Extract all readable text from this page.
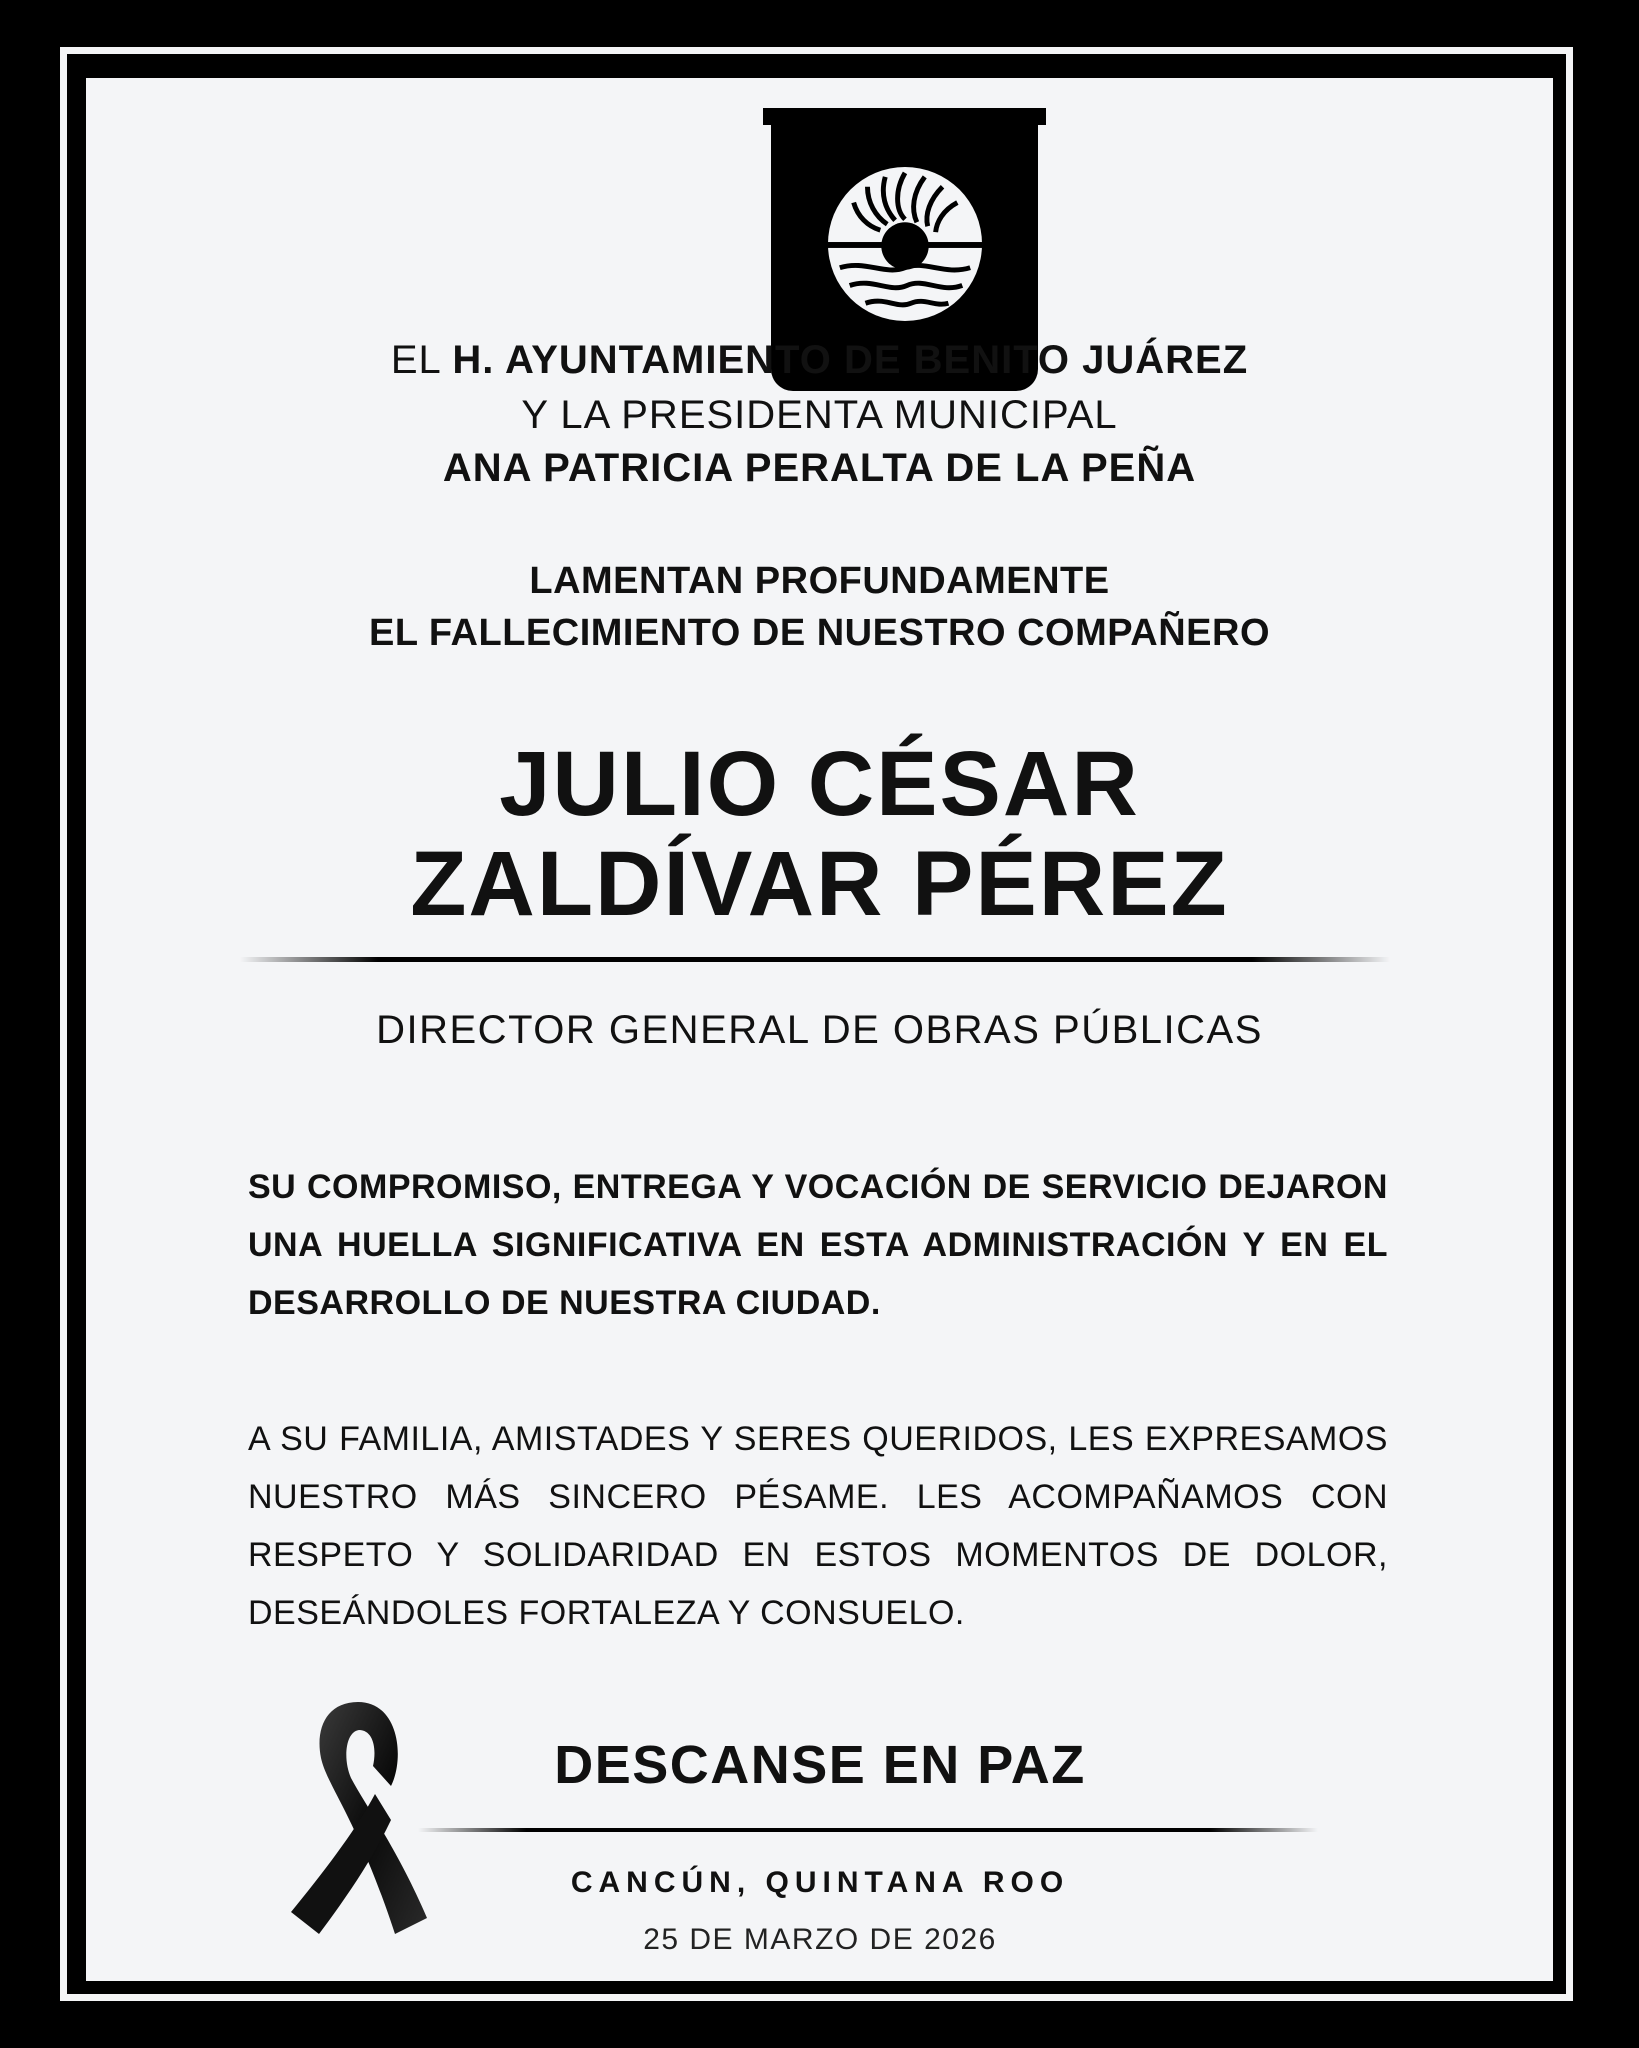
EL H. AYUNTAMIENTO DE BENITO JUÁREZ
Y LA PRESIDENTA MUNICIPAL
ANA PATRICIA PERALTA DE LA PEÑA
LAMENTAN PROFUNDAMENTE
EL FALLECIMIENTO DE NUESTRO COMPAÑERO
JULIO CÉSAR
ZALDÍVAR PÉREZ
DIRECTOR GENERAL DE OBRAS PÚBLICAS
SU COMPROMISO, ENTREGA Y VOCACIÓN DE SERVICIO DEJARON UNA HUELLA SIGNIFICATIVA EN ESTA ADMINISTRACIÓN Y EN EL DESARROLLO DE NUESTRA CIUDAD.
A SU FAMILIA, AMISTADES Y SERES QUERIDOS, LES EXPRESAMOS NUESTRO MÁS SINCERO PÉSAME. LES ACOMPAÑAMOS CON RESPETO Y SOLIDARIDAD EN ESTOS MOMENTOS DE DOLOR, DESEÁNDOLES FORTALEZA Y CONSUELO.
DESCANSE EN PAZ
CANCÚN, QUINTANA ROO
25 DE MARZO DE 2026
